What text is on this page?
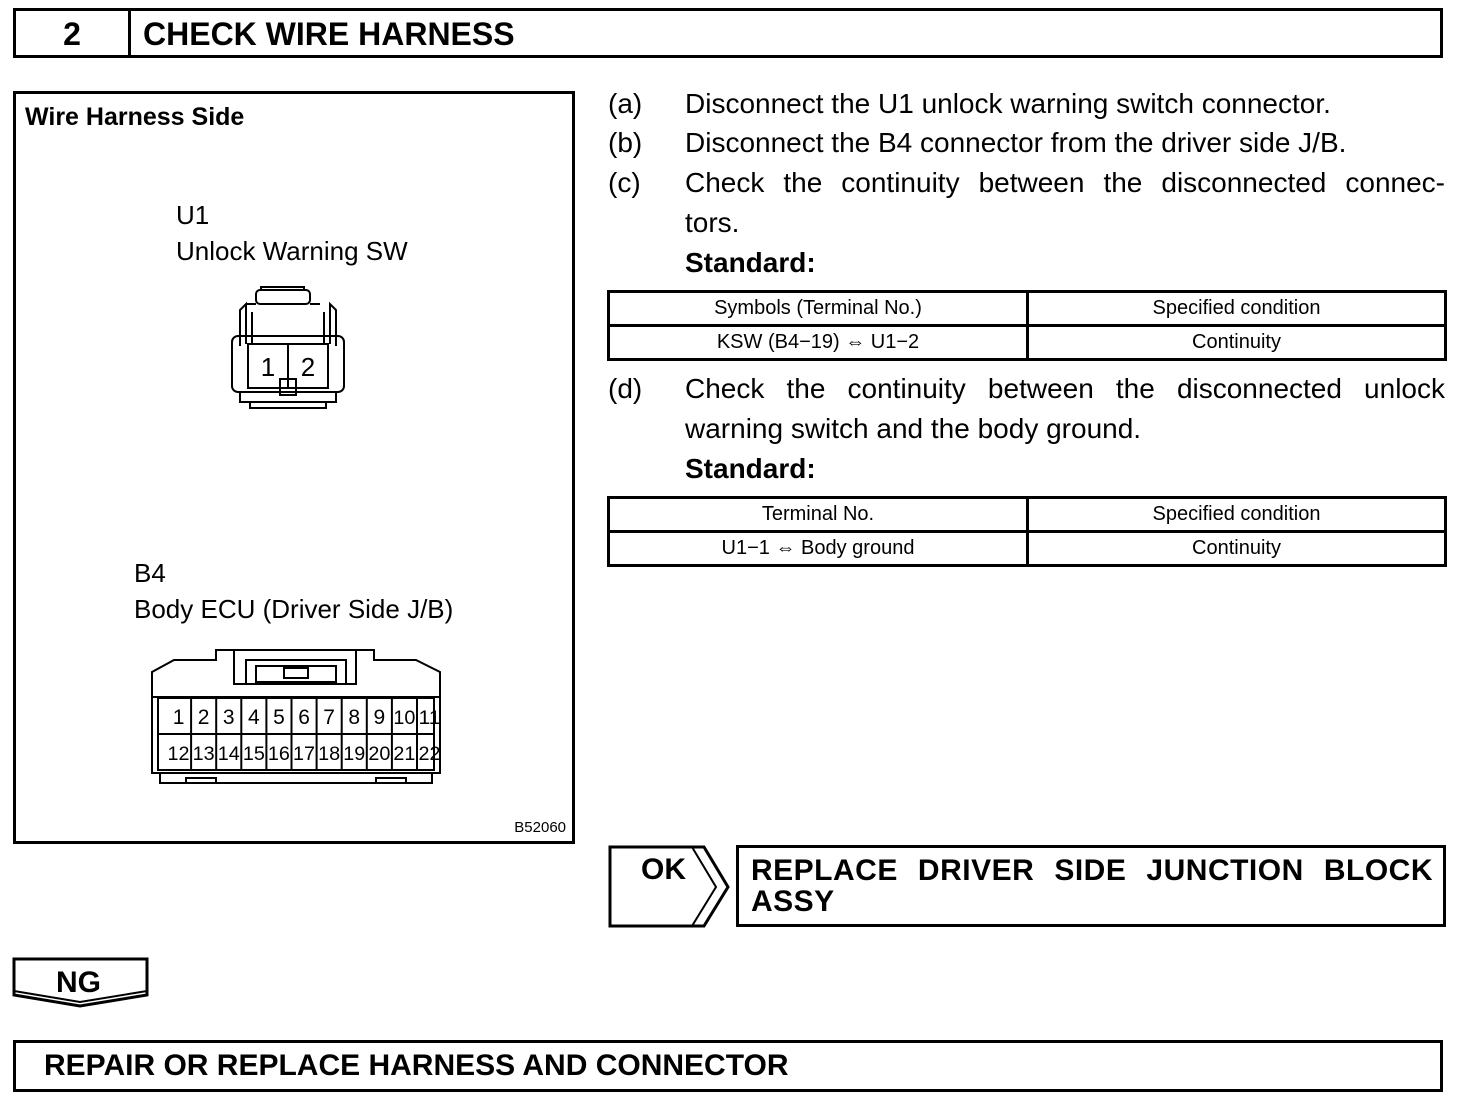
2	CHECK WIRE HARNESS
Wire Harness Side
U1
Unlock Warning SW
1 2
B4
Body ECU (Driver Side J/B)
1 2 3 4 5 6 7 8 9 10 11
12 13 14 15 16 17 18 19 20 21 22
B52060
(a) Disconnect the U1 unlock warning switch connector.
(b) Disconnect the B4 connector from the driver side J/B.
(c) Check the continuity between the disconnected connec-
tors.
Standard:
Symbols (Terminal No.)	Specified condition
KSW (B4−19) ⇔ U1−2	Continuity
(d) Check the continuity between the disconnected unlock
warning switch and the body ground.
Standard:
Terminal No.	Specified condition
U1−1 ⇔ Body ground	Continuity
OK REPLACE DRIVER SIDE JUNCTION BLOCK ASSY
NG
REPAIR OR REPLACE HARNESS AND CONNECTOR
